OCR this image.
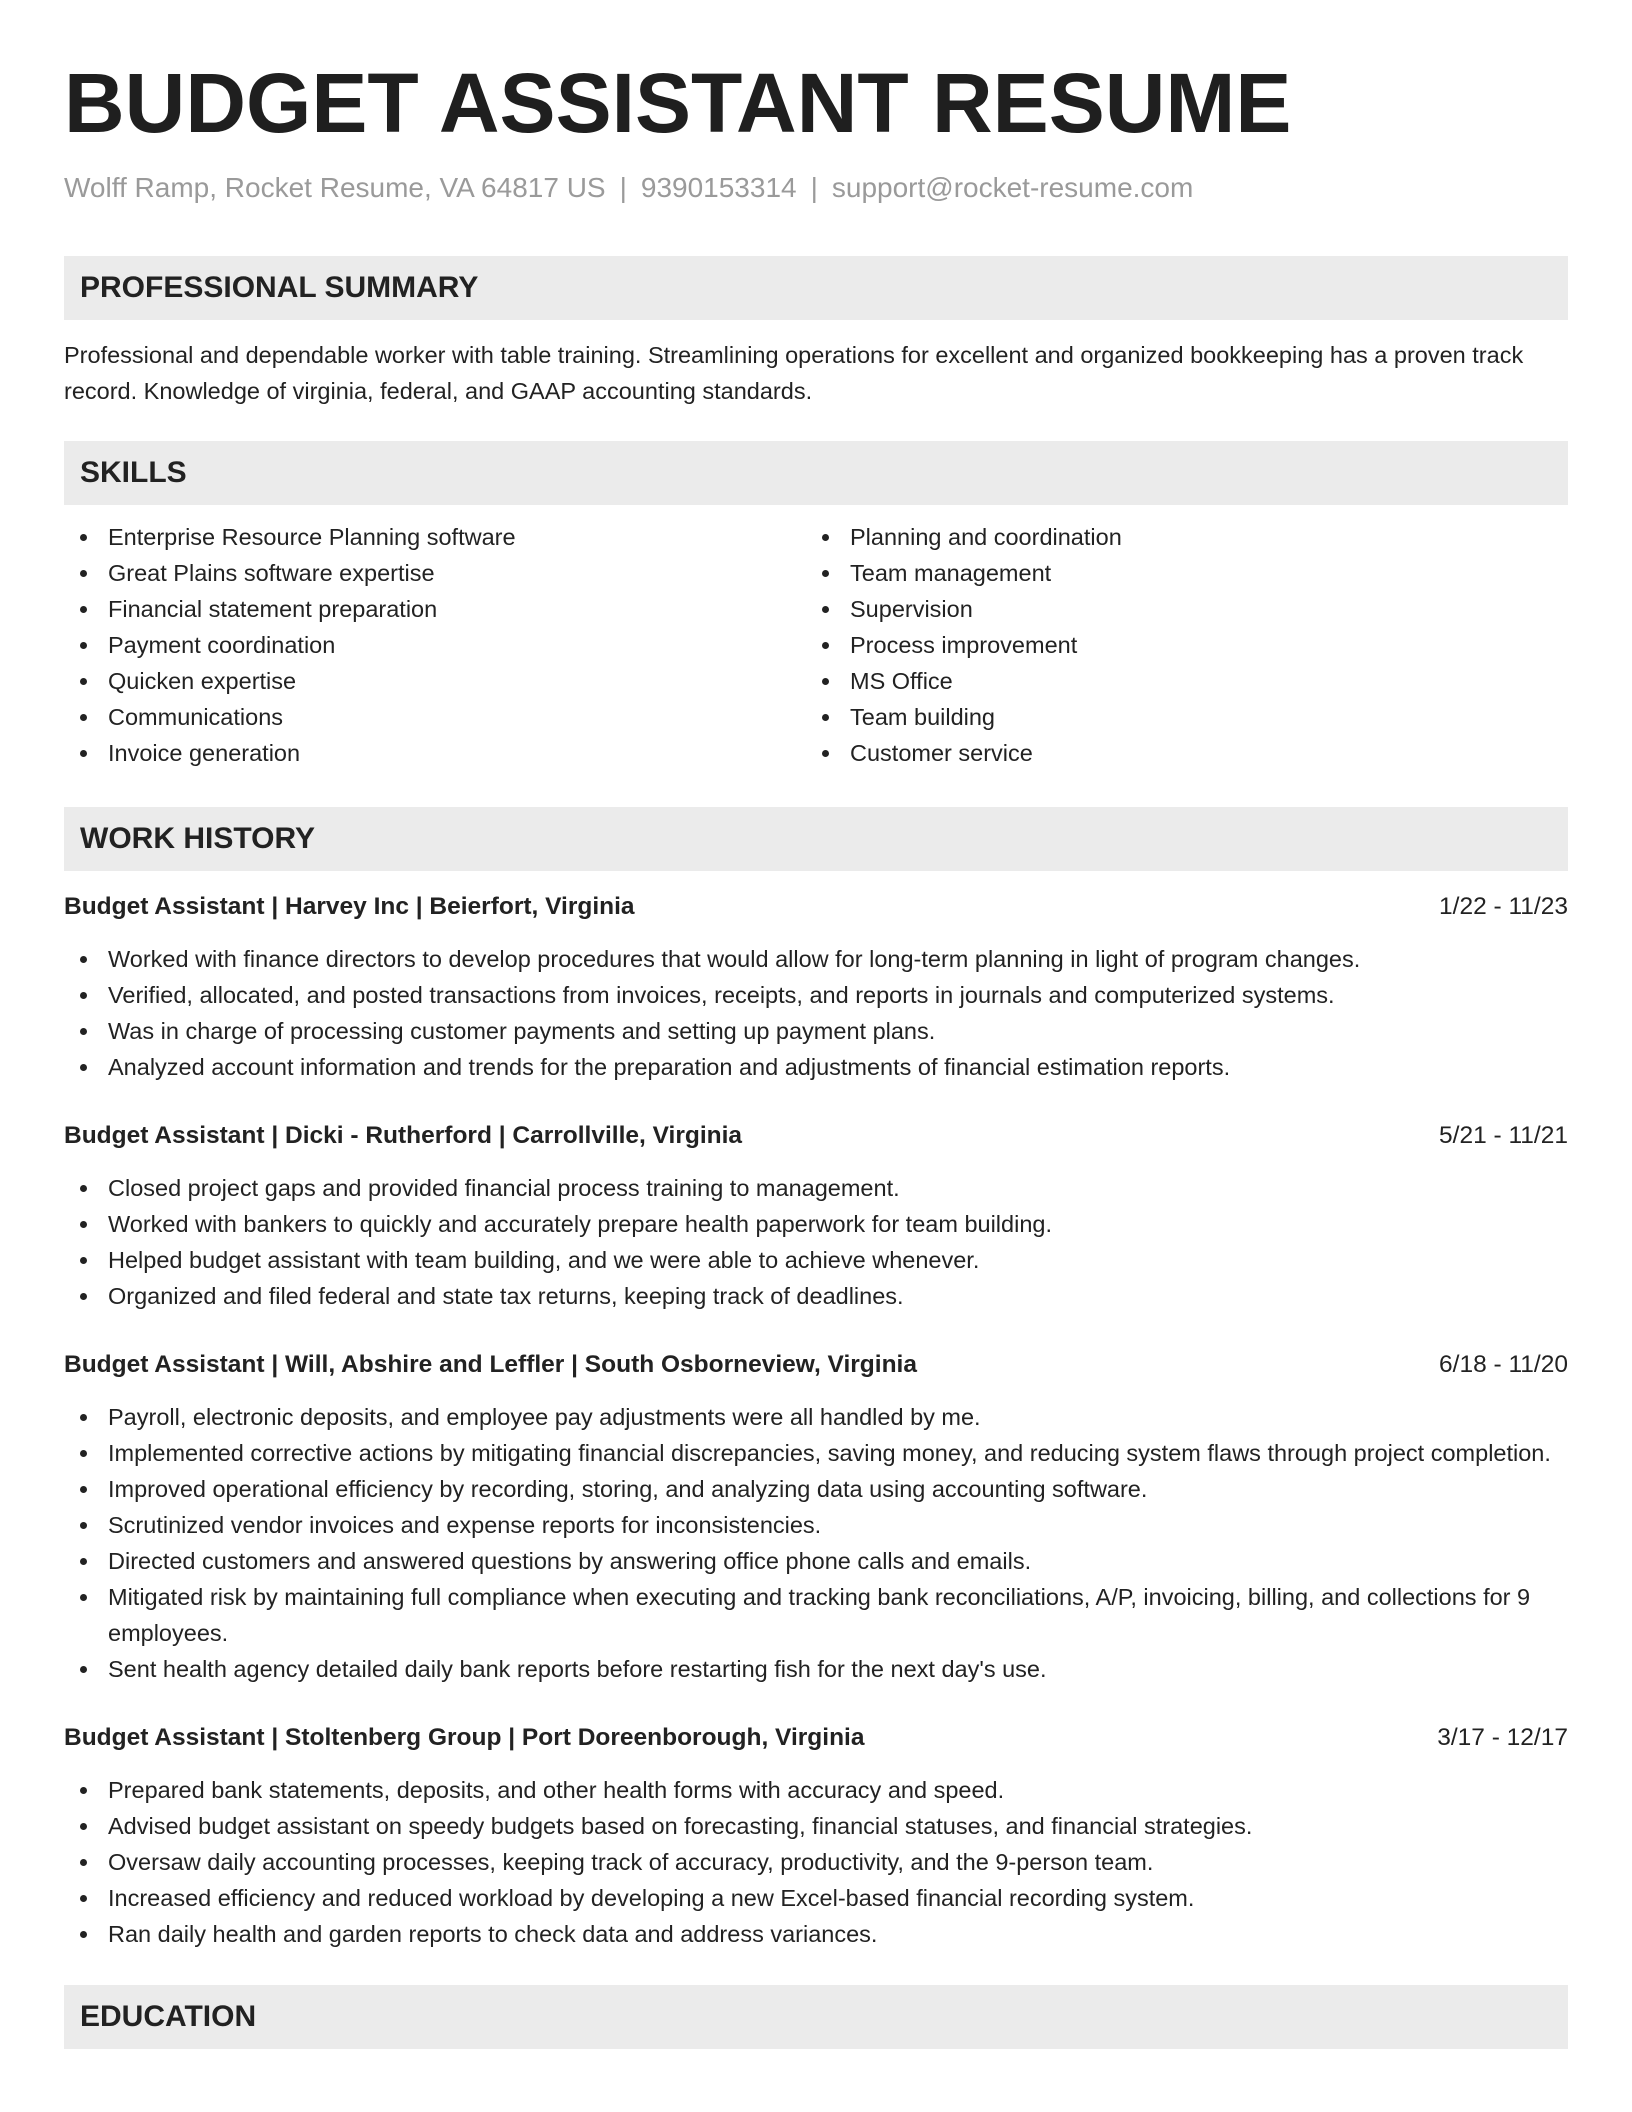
BUDGET ASSISTANT RESUME
Wolff Ramp, Rocket Resume, VA 64817 US | 9390153314 | support@rocket-resume.com
PROFESSIONAL SUMMARY
Professional and dependable worker with table training. Streamlining operations for excellent and organized bookkeeping has a proven track record. Knowledge of virginia, federal, and GAAP accounting standards.
SKILLS
Enterprise Resource Planning software
Great Plains software expertise
Financial statement preparation
Payment coordination
Quicken expertise
Communications
Invoice generation
Planning and coordination
Team management
Supervision
Process improvement
MS Office
Team building
Customer service
WORK HISTORY
Budget Assistant | Harvey Inc | Beierfort, Virginia	1/22 - 11/23
Worked with finance directors to develop procedures that would allow for long-term planning in light of program changes.
Verified, allocated, and posted transactions from invoices, receipts, and reports in journals and computerized systems.
Was in charge of processing customer payments and setting up payment plans.
Analyzed account information and trends for the preparation and adjustments of financial estimation reports.
Budget Assistant | Dicki - Rutherford | Carrollville, Virginia	5/21 - 11/21
Closed project gaps and provided financial process training to management.
Worked with bankers to quickly and accurately prepare health paperwork for team building.
Helped budget assistant with team building, and we were able to achieve whenever.
Organized and filed federal and state tax returns, keeping track of deadlines.
Budget Assistant | Will, Abshire and Leffler | South Osborneview, Virginia	6/18 - 11/20
Payroll, electronic deposits, and employee pay adjustments were all handled by me.
Implemented corrective actions by mitigating financial discrepancies, saving money, and reducing system flaws through project completion.
Improved operational efficiency by recording, storing, and analyzing data using accounting software.
Scrutinized vendor invoices and expense reports for inconsistencies.
Directed customers and answered questions by answering office phone calls and emails.
Mitigated risk by maintaining full compliance when executing and tracking bank reconciliations, A/P, invoicing, billing, and collections for 9 employees.
Sent health agency detailed daily bank reports before restarting fish for the next day's use.
Budget Assistant | Stoltenberg Group | Port Doreenborough, Virginia	3/17 - 12/17
Prepared bank statements, deposits, and other health forms with accuracy and speed.
Advised budget assistant on speedy budgets based on forecasting, financial statuses, and financial strategies.
Oversaw daily accounting processes, keeping track of accuracy, productivity, and the 9-person team.
Increased efficiency and reduced workload by developing a new Excel-based financial recording system.
Ran daily health and garden reports to check data and address variances.
EDUCATION
